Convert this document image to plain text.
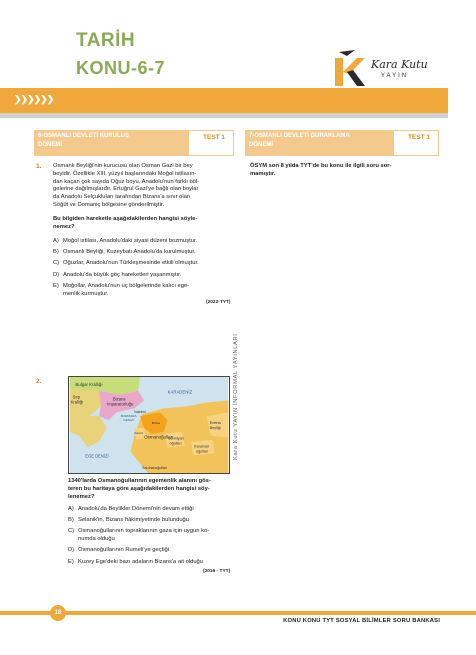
TARİH
KONU-6-7	Kara Kutu
YAYIN
❯❯❯❯❯❯
6-OSMANLI DEVLETİ KURULUŞ
DÖNEMİ
TEST 1	7-OSMANLI DEVLETİ DURAKLAMA
DÖNEMİ
TEST 1
ÖSYM son 8 yılda TYT'de bu konu ile ilgili soru sor-
mamıştır.
1. Osmanlı Beyliği'nin kurucusu olan Osman Gazi bir bey
beyidir. Özellikle XIII. yüzyıl başlarındaki Moğol istilasın-
dan kaçan çok sayıda Oğuz boyu, Anadolu'nun farklı böl-
gelerine dağılmışlardır. Ertuğrul Gazi'ye bağlı olan boylar
da Anadolu Selçukluları tarafından Bizans'a sınır olan
Söğüt ve Domaniç bölgesine gönderilmiştir.
Bu bilgiden hareketle aşağıdakilerden hangisi söyle-
nemez?
A) Moğol istilası, Anadolu'daki siyasi düzeni bozmuştur.
B) Osmanlı Beyliği, Kuzeybatı Anadolu'da kurulmuştur.
C) Oğuzlar, Anadolu'nun Türkleşmesinde etkili olmuştur.
D) Anadolu'da büyük göç hareketleri yaşanmıştır.
E) Moğollar, Anadolu'nun uç bölgelerinde kalıcı ege-
menlik kurmuştur.
(2022-TYT)
Kara Kutu YAYIN İNFORMAL YAYINLARI
2.	Bulgar Krallığı
KARADENİZ
Sırp
Krallığı
Bizans
İmparatorluğu
İstanbul
MARMARA
DENİZİ
Bursa
Osmanoğulları
Karesi
EGE DENİZİ
Germiyan
oğulları
Karaman
oğulları
Eretna
Beyliği
Saruhanoğulları
1340'larda Osmanoğullarının egemenlik alanını gös-
teren bu haritaya göre aşağıdakilerden hangisi söy-
lenemez?
A) Anadolu'da Beylikler Dönemi'nin devam ettiği
B) Selanik'in, Bizans hâkimiyetinde bulunduğu
C) Osmanoğullarının topraklarının gaza için uygun ko-
numda olduğu
D) Osmanoğullarının Rumeli'ye geçtiği
E) Kuzey Ege'deki bazı adaların Bizans'a ait olduğu
(2016 - TYT)
18
KONU KONU TYT SOSYAL BİLİMLER SORU BANKASI
